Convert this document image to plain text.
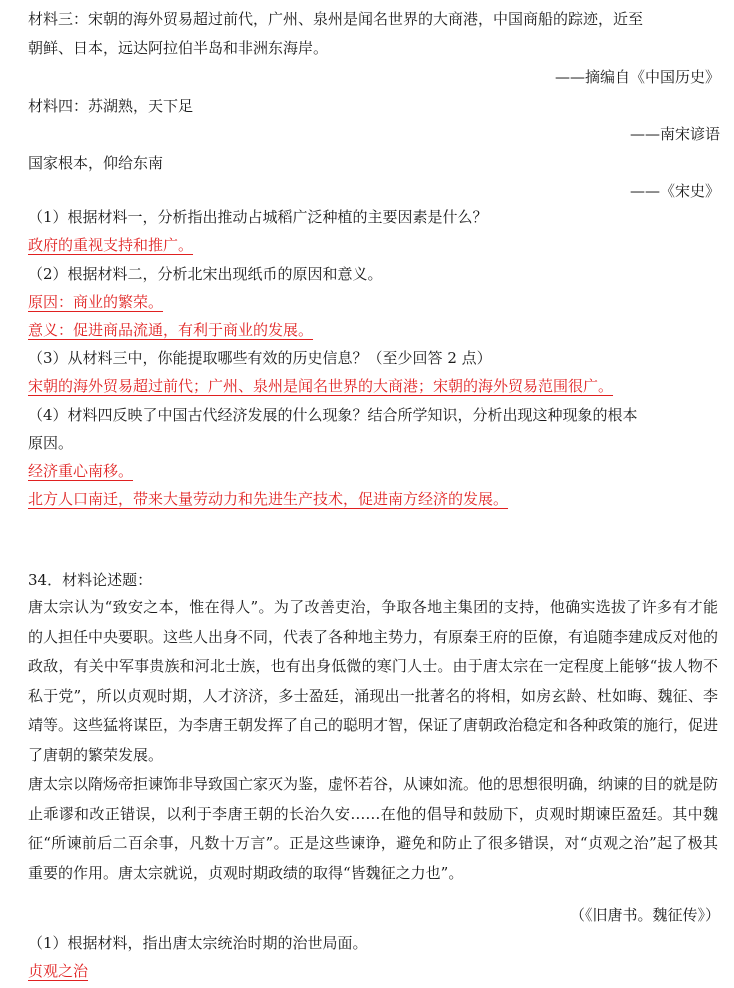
材料三：宋朝的海外贸易超过前代，广州、泉州是闻名世界的大商港，中国商船的踪迹，近至
朝鲜、日本，远达阿拉伯半岛和非洲东海岸。
——摘编自《中国历史》
材料四：苏湖熟，天下足
——南宋谚语
国家根本，仰给东南
——《宋史》
（1）根据材料一，分析指出推动占城稻广泛种植的主要因素是什么？
政府的重视支持和推广。
（2）根据材料二，分析北宋出现纸币的原因和意义。
原因：商业的繁荣。
意义：促进商品流通，有利于商业的发展。
（3）从材料三中，你能提取哪些有效的历史信息？（至少回答 2 点）
宋朝的海外贸易超过前代；广州、泉州是闻名世界的大商港；宋朝的海外贸易范围很广。
（4）材料四反映了中国古代经济发展的什么现象？结合所学知识，分析出现这种现象的根本
原因。
经济重心南移。
北方人口南迁，带来大量劳动力和先进生产技术，促进南方经济的发展。
34．材料论述题：
唐太宗认为“致安之本，惟在得人”。为了改善吏治，争取各地主集团的支持，他确实选拔了许多有才能的人担任中央要职。这些人出身不同，代表了各种地主势力，有原秦王府的臣僚，有追随李建成反对他的政敌，有关中军事贵族和河北士族，也有出身低微的寒门人士。由于唐太宗在一定程度上能够“拔人物不私于党”，所以贞观时期，人才济济，多士盈廷，涌现出一批著名的将相，如房玄龄、杜如晦、魏征、李靖等。这些猛将谋臣，为李唐王朝发挥了自己的聪明才智，保证了唐朝政治稳定和各种政策的施行，促进了唐朝的繁荣发展。
唐太宗以隋炀帝拒谏饰非导致国亡家灭为鉴，虚怀若谷，从谏如流。他的思想很明确，纳谏的目的就是防止乖谬和改正错误，以利于李唐王朝的长治久安……在他的倡导和鼓励下，贞观时期谏臣盈廷。其中魏征“所谏前后二百余事，凡数十万言”。正是这些谏诤，避免和防止了很多错误，对“贞观之治”起了极其重要的作用。唐太宗就说，贞观时期政绩的取得“皆魏征之力也”。
（《旧唐书。魏征传》）
（1）根据材料，指出唐太宗统治时期的治世局面。
贞观之治
